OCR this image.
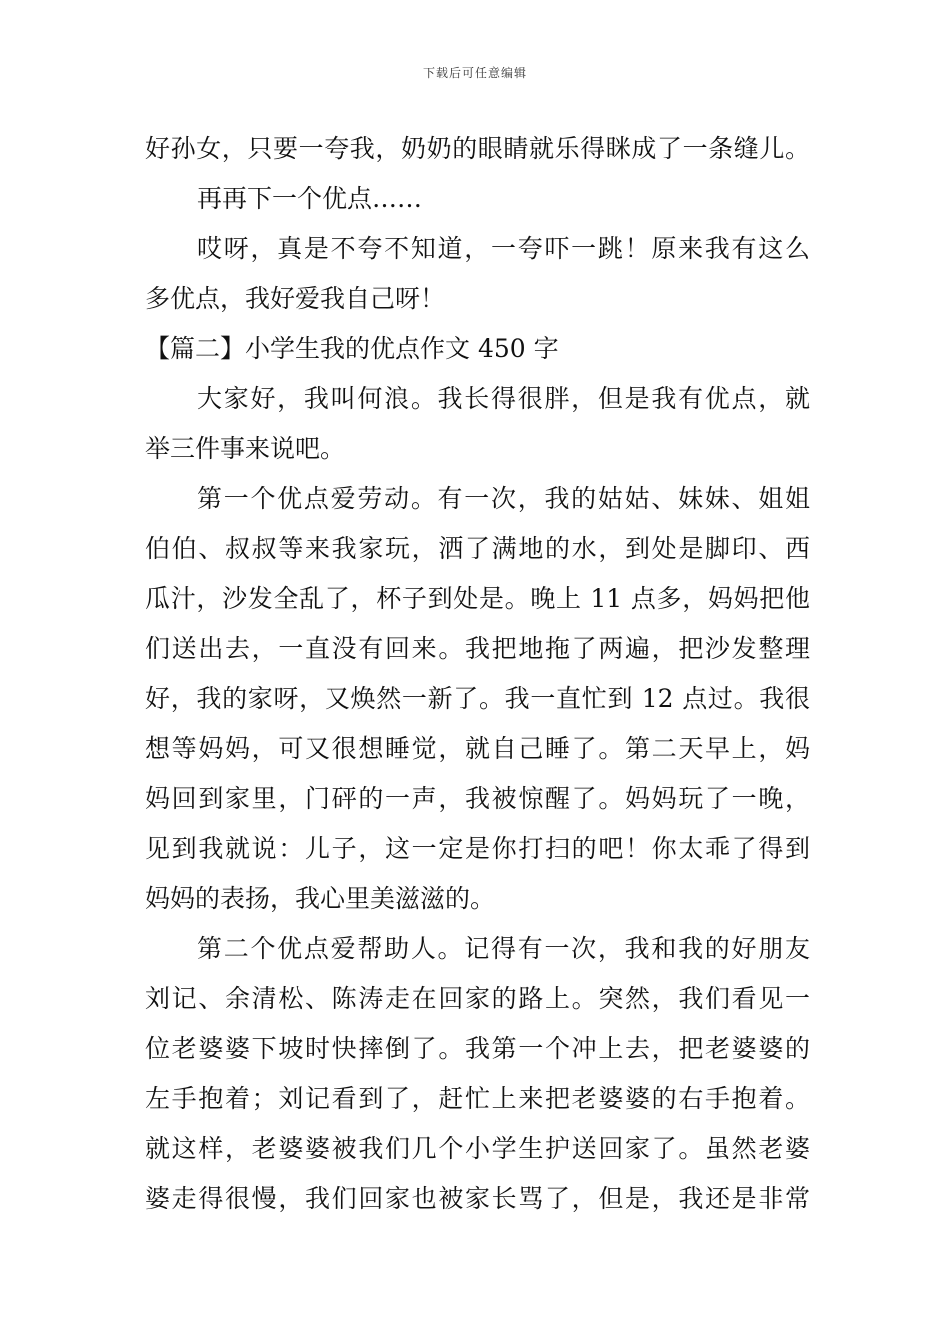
下载后可任意编辑
好孙女，只要一夸我，奶奶的眼睛就乐得眯成了一条缝儿。
再再下一个优点……
哎呀，真是不夸不知道，一夸吓一跳！原来我有这么
多优点，我好爱我自己呀！
【篇二】小学生我的优点作文 450 字
大家好，我叫何浪。我长得很胖，但是我有优点，就
举三件事来说吧。
第一个优点爱劳动。有一次，我的姑姑、妹妹、姐姐
伯伯、叔叔等来我家玩，洒了满地的水，到处是脚印、西
瓜汁，沙发全乱了，杯子到处是。晚上 11 点多，妈妈把他
们送出去，一直没有回来。我把地拖了两遍，把沙发整理
好，我的家呀，又焕然一新了。我一直忙到 12 点过。我很
想等妈妈，可又很想睡觉，就自己睡了。第二天早上，妈
妈回到家里，门砰的一声，我被惊醒了。妈妈玩了一晚，
见到我就说：儿子，这一定是你打扫的吧！你太乖了得到
妈妈的表扬，我心里美滋滋的。
第二个优点爱帮助人。记得有一次，我和我的好朋友
刘记、余清松、陈涛走在回家的路上。突然，我们看见一
位老婆婆下坡时快摔倒了。我第一个冲上去，把老婆婆的
左手抱着；刘记看到了，赶忙上来把老婆婆的右手抱着。
就这样，老婆婆被我们几个小学生护送回家了。虽然老婆
婆走得很慢，我们回家也被家长骂了，但是，我还是非常
